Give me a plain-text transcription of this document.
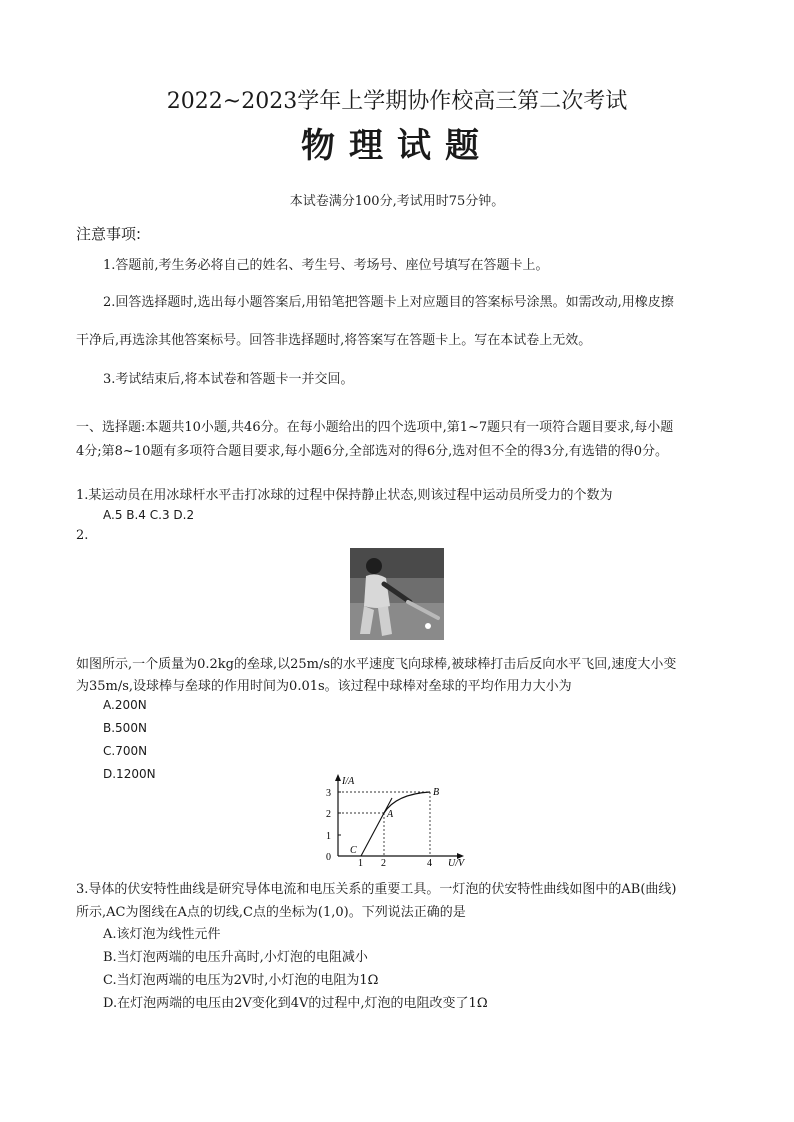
2022~2023学年上学期协作校高三第二次考试
物理试题
本试卷满分100分,考试用时75分钟。
注意事项:
1.答题前,考生务必将自己的姓名、考生号、考场号、座位号填写在答题卡上。
2.回答选择题时,选出每小题答案后,用铅笔把答题卡上对应题目的答案标号涂黑。如需改动,用橡皮擦
干净后,再选涂其他答案标号。回答非选择题时,将答案写在答题卡上。写在本试卷上无效。
3.考试结束后,将本试卷和答题卡一并交回。
一、选择题:本题共10小题,共46分。在每小题给出的四个选项中,第1~7题只有一项符合题目要求,每小题
4分;第8~10题有多项符合题目要求,每小题6分,全部选对的得6分,选对但不全的得3分,有选错的得0分。
1.某运动员在用冰球杆水平击打冰球的过程中保持静止状态,则该过程中运动员所受力的个数为
A.5 B.4 C.3 D.2
2.
如图所示,一个质量为0.2kg的垒球,以25m/s的水平速度飞向球棒,被球棒打击后反向水平飞回,速度大小变
为35m/s,设球棒与垒球的作用时间为0.01s。该过程中球棒对垒球的平均作用力大小为
A.200N
B.500N
C.700N
D.1200N
I/A
U/V
0
1
2
3
1 2	4
A
B
C
3.导体的伏安特性曲线是研究导体电流和电压关系的重要工具。一灯泡的伏安特性曲线如图中的AB(曲线)
所示,AC为图线在A点的切线,C点的坐标为(1,0)。下列说法正确的是
A.该灯泡为线性元件
B.当灯泡两端的电压升高时,小灯泡的电阻减小
C.当灯泡两端的电压为2V时,小灯泡的电阻为1Ω
D.在灯泡两端的电压由2V变化到4V的过程中,灯泡的电阻改变了1Ω
